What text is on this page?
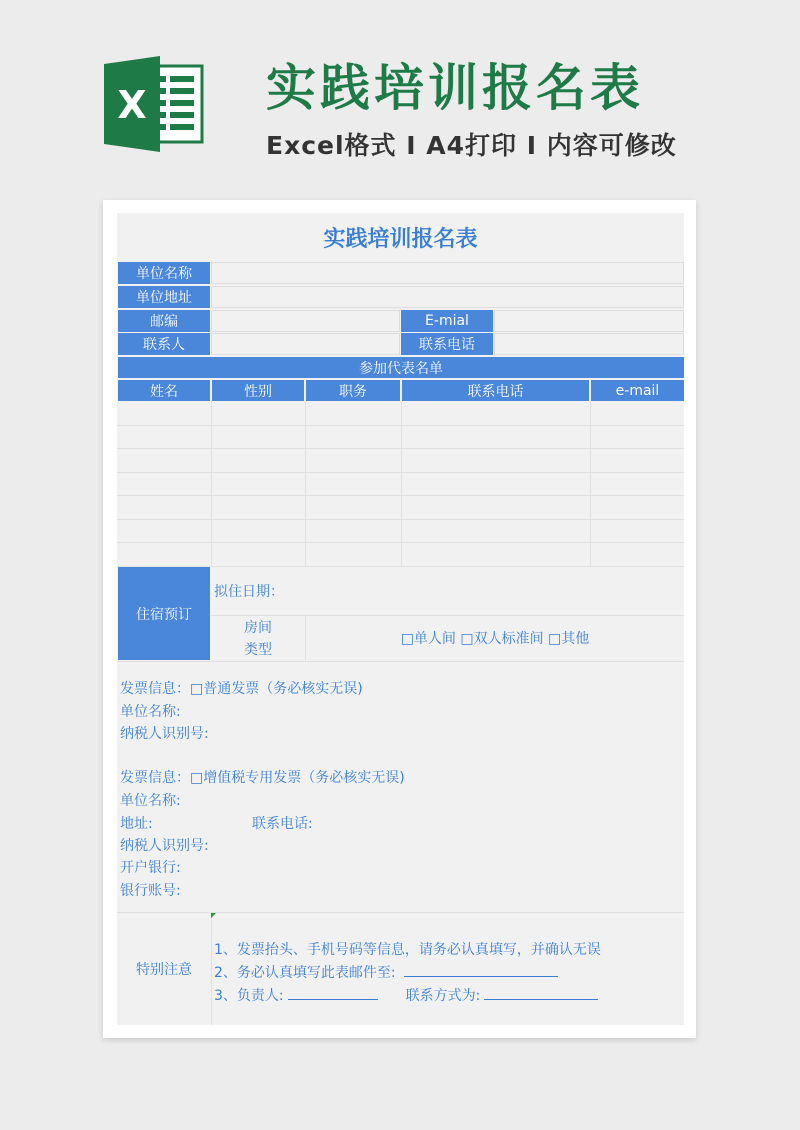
X 实践培训报名表
Excel格式 I A4打印 I 内容可修改
实践培训报名表
单位名称
单位地址
邮编	E-mial
联系人	联系电话
参加代表名单
姓名	性别	职务	联系电话	e-mail
住宿预订
拟住日期：
房间
类型
□单人间 □双人标准间 □其他
发票信息：□普通发票（务必核实无误)
单位名称:
纳税人识别号:
发票信息：□增值税专用发票（务必核实无误)
单位名称:
地址:	联系电话:
纳税人识别号:
开户银行:
银行账号:
特别注意
1、发票抬头、手机号码等信息，请务必认真填写，并确认无误
2、务必认真填写此表邮件至:
3、负责人:	联系方式为:
